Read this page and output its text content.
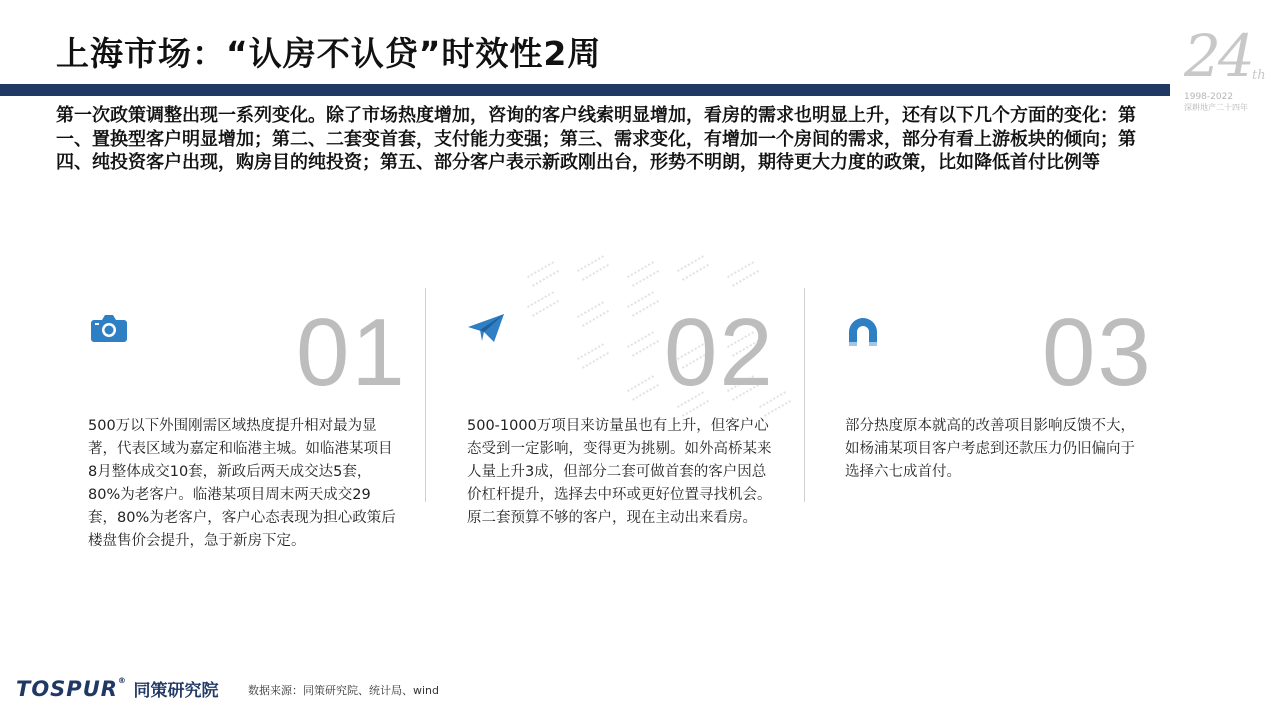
上海市场：“认房不认贷”时效性2周	24 th
1998-2022
深耕地产二十四年
第一次政策调整出现一系列变化。除了市场热度增加，咨询的客户线索明显增加，看房的需求也明显上升，还有以下几个方面的变化：第一、置换型客户明显增加；第二、二套变首套，支付能力变强；第三、需求变化，有增加一个房间的需求，部分有看上游板块的倾向；第四、纯投资客户出现，购房目的纯投资；第五、部分客户表示新政刚出台，形势不明朗，期待更大力度的政策，比如降低首付比例等
01
500万以下外围刚需区域热度提升相对最为显著，代表区域为嘉定和临港主城。如临港某项目8月整体成交10套，新政后两天成交达5套，80%为老客户。临港某项目周末两天成交29套，80%为老客户，客户心态表现为担心政策后楼盘售价会提升，急于新房下定。
02
500-1000万项目来访量虽也有上升，但客户心态受到一定影响，变得更为挑剔。如外高桥某来人量上升3成，但部分二套可做首套的客户因总价杠杆提升，选择去中环或更好位置寻找机会。原二套预算不够的客户，现在主动出来看房。
03
部分热度原本就高的改善项目影响反馈不大，如杨浦某项目客户考虑到还款压力仍旧偏向于选择六七成首付。
TOSPUR® 同策研究院	数据来源：同策研究院、统计局、wind
